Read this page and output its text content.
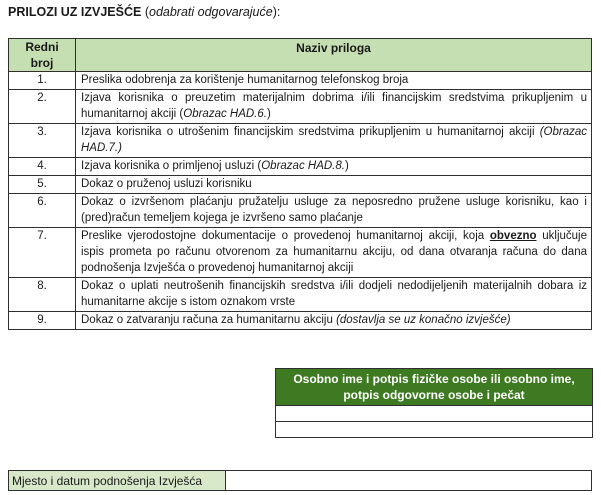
PRILOZI UZ IZVJEŠĆE (odabrati odgovarajuće):
Redni
broj	Naziv priloga
1.	Preslika odobrenja za korištenje humanitarnog telefonskog broja
2.	Izjava korisnika o preuzetim materijalnim dobrima i/ili financijskim sredstvima prikupljenim u humanitarnoj akciji (Obrazac HAD.6.)
3.	Izjava korisnika o utrošenim financijskim sredstvima prikupljenim u humanitarnoj akciji (Obrazac HAD.7.)
4.	Izjava korisnika o primljenoj usluzi (Obrazac HAD.8.)
5.	Dokaz o pruženoj usluzi korisniku
6.	Dokaz o izvršenom plaćanju pružatelju usluge za neposredno pružene usluge korisniku, kao i (pred)račun temeljem kojega je izvršeno samo plaćanje
7.	Preslike vjerodostojne dokumentacije o provedenoj humanitarnoj akciji, koja obvezno uključuje ispis prometa po računu otvorenom za humanitarnu akciju, od dana otvaranja računa do dana podnošenja Izvješća o provedenoj humanitarnoj akciji
8.	Dokaz o uplati neutrošenih financijskih sredstva i/ili dodjeli nedodijeljenih materijalnih dobara iz humanitarne akcije s istom oznakom vrste
9.	Dokaz o zatvaranju računa za humanitarnu akciju (dostavlja se uz konačno izvješće)
Osobno ime i potpis fizičke osobe ili osobno ime, potpis odgovorne osobe i pečat

Mjesto i datum podnošenja Izvješća	
